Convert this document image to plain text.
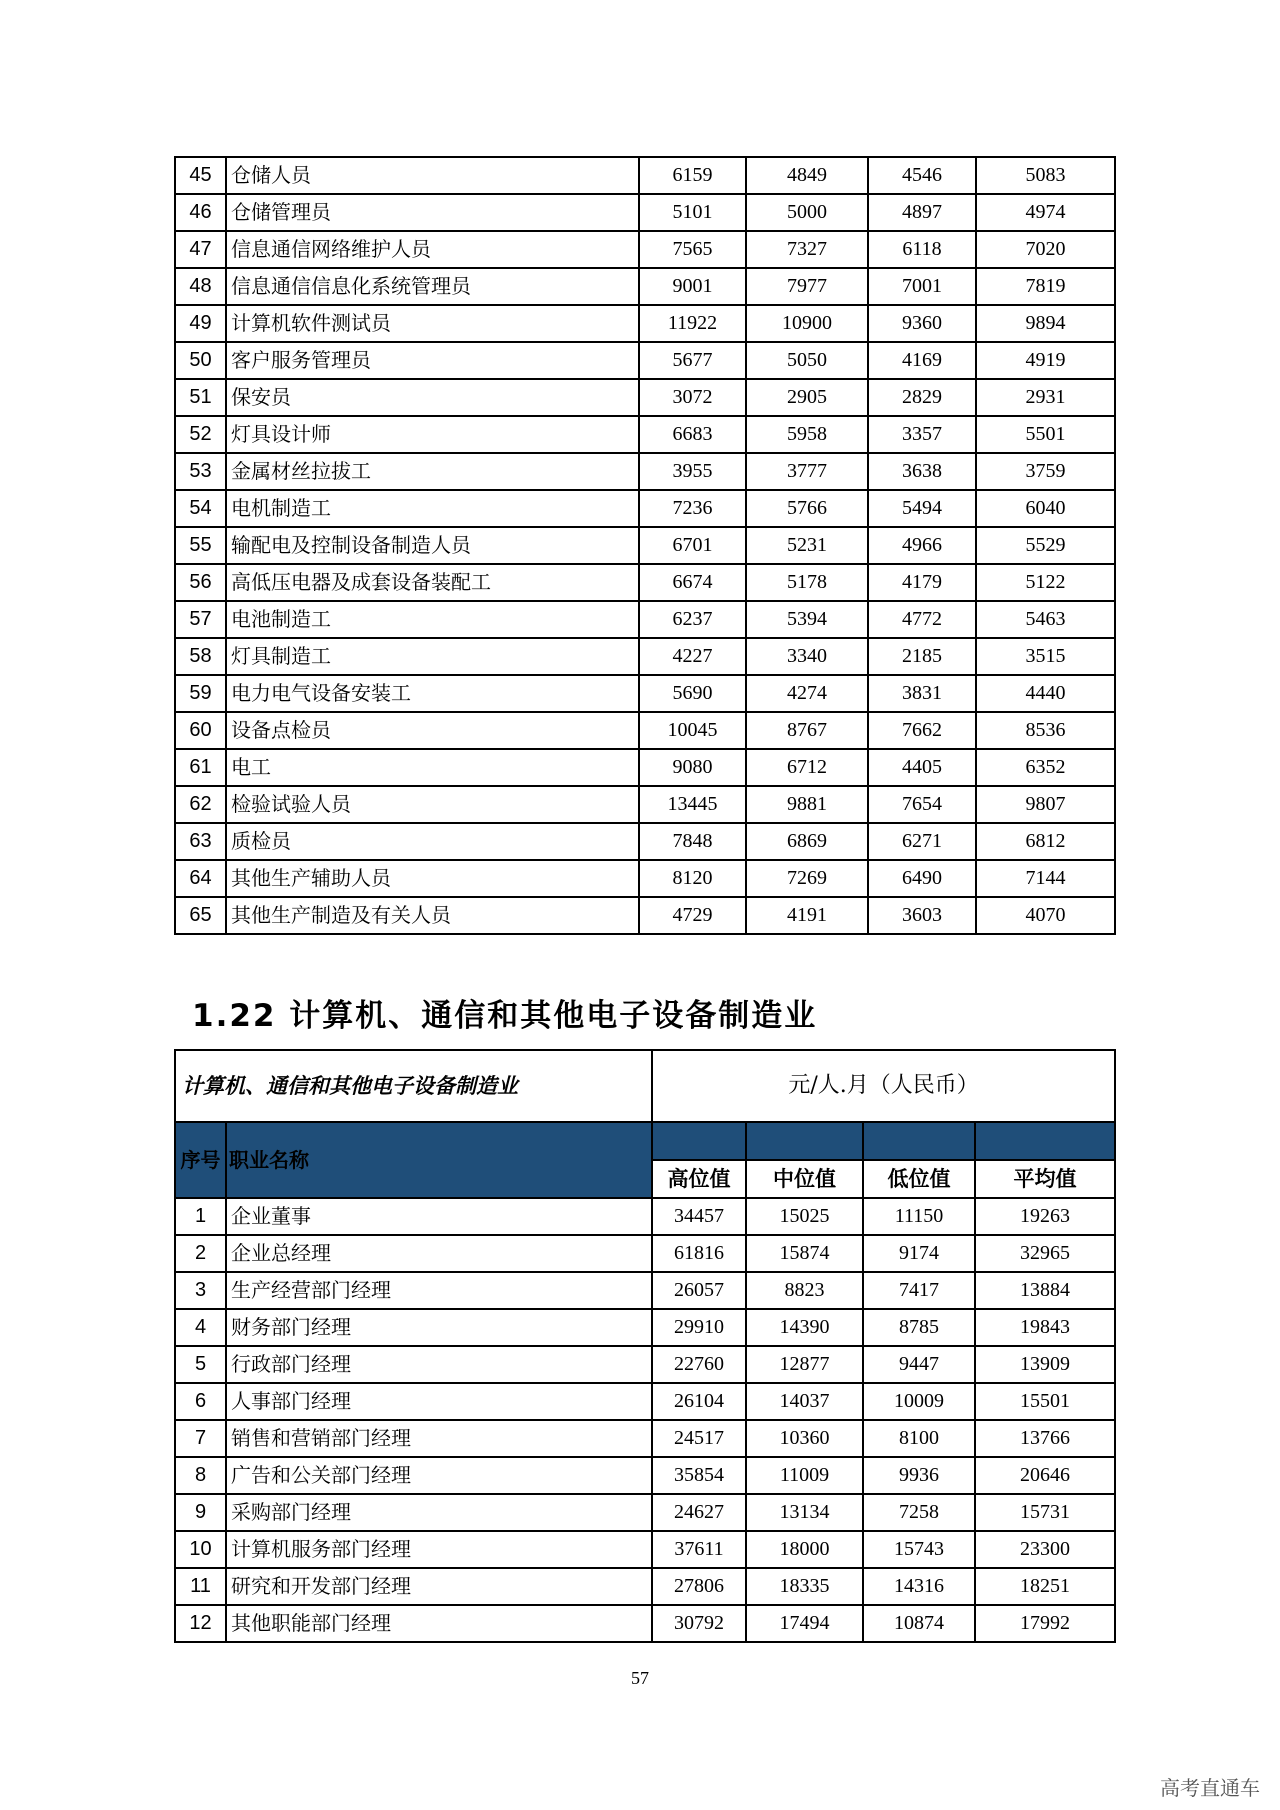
45	仓储人员	6159	4849	4546	5083
46	仓储管理员	5101	5000	4897	4974
47	信息通信网络维护人员	7565	7327	6118	7020
48	信息通信信息化系统管理员	9001	7977	7001	7819
49	计算机软件测试员	11922	10900	9360	9894
50	客户服务管理员	5677	5050	4169	4919
51	保安员	3072	2905	2829	2931
52	灯具设计师	6683	5958	3357	5501
53	金属材丝拉拔工	3955	3777	3638	3759
54	电机制造工	7236	5766	5494	6040
55	输配电及控制设备制造人员	6701	5231	4966	5529
56	高低压电器及成套设备装配工	6674	5178	4179	5122
57	电池制造工	6237	5394	4772	5463
58	灯具制造工	4227	3340	2185	3515
59	电力电气设备安装工	5690	4274	3831	4440
60	设备点检员	10045	8767	7662	8536
61	电工	9080	6712	4405	6352
62	检验试验人员	13445	9881	7654	9807
63	质检员	7848	6869	6271	6812
64	其他生产辅助人员	8120	7269	6490	7144
65	其他生产制造及有关人员	4729	4191	3603	4070
1.22 计算机、通信和其他电子设备制造业
计算机、通信和其他电子设备制造业		元/人.月（人民币）			
序号	职业名称				
		高位值	中位值	低位值	平均值
1	企业董事	34457	15025	11150	19263
2	企业总经理	61816	15874	9174	32965
3	生产经营部门经理	26057	8823	7417	13884
4	财务部门经理	29910	14390	8785	19843
5	行政部门经理	22760	12877	9447	13909
6	人事部门经理	26104	14037	10009	15501
7	销售和营销部门经理	24517	10360	8100	13766
8	广告和公关部门经理	35854	11009	9936	20646
9	采购部门经理	24627	13134	7258	15731
10	计算机服务部门经理	37611	18000	15743	23300
11	研究和开发部门经理	27806	18335	14316	18251
12	其他职能部门经理	30792	17494	10874	17992
57
高考直通车
